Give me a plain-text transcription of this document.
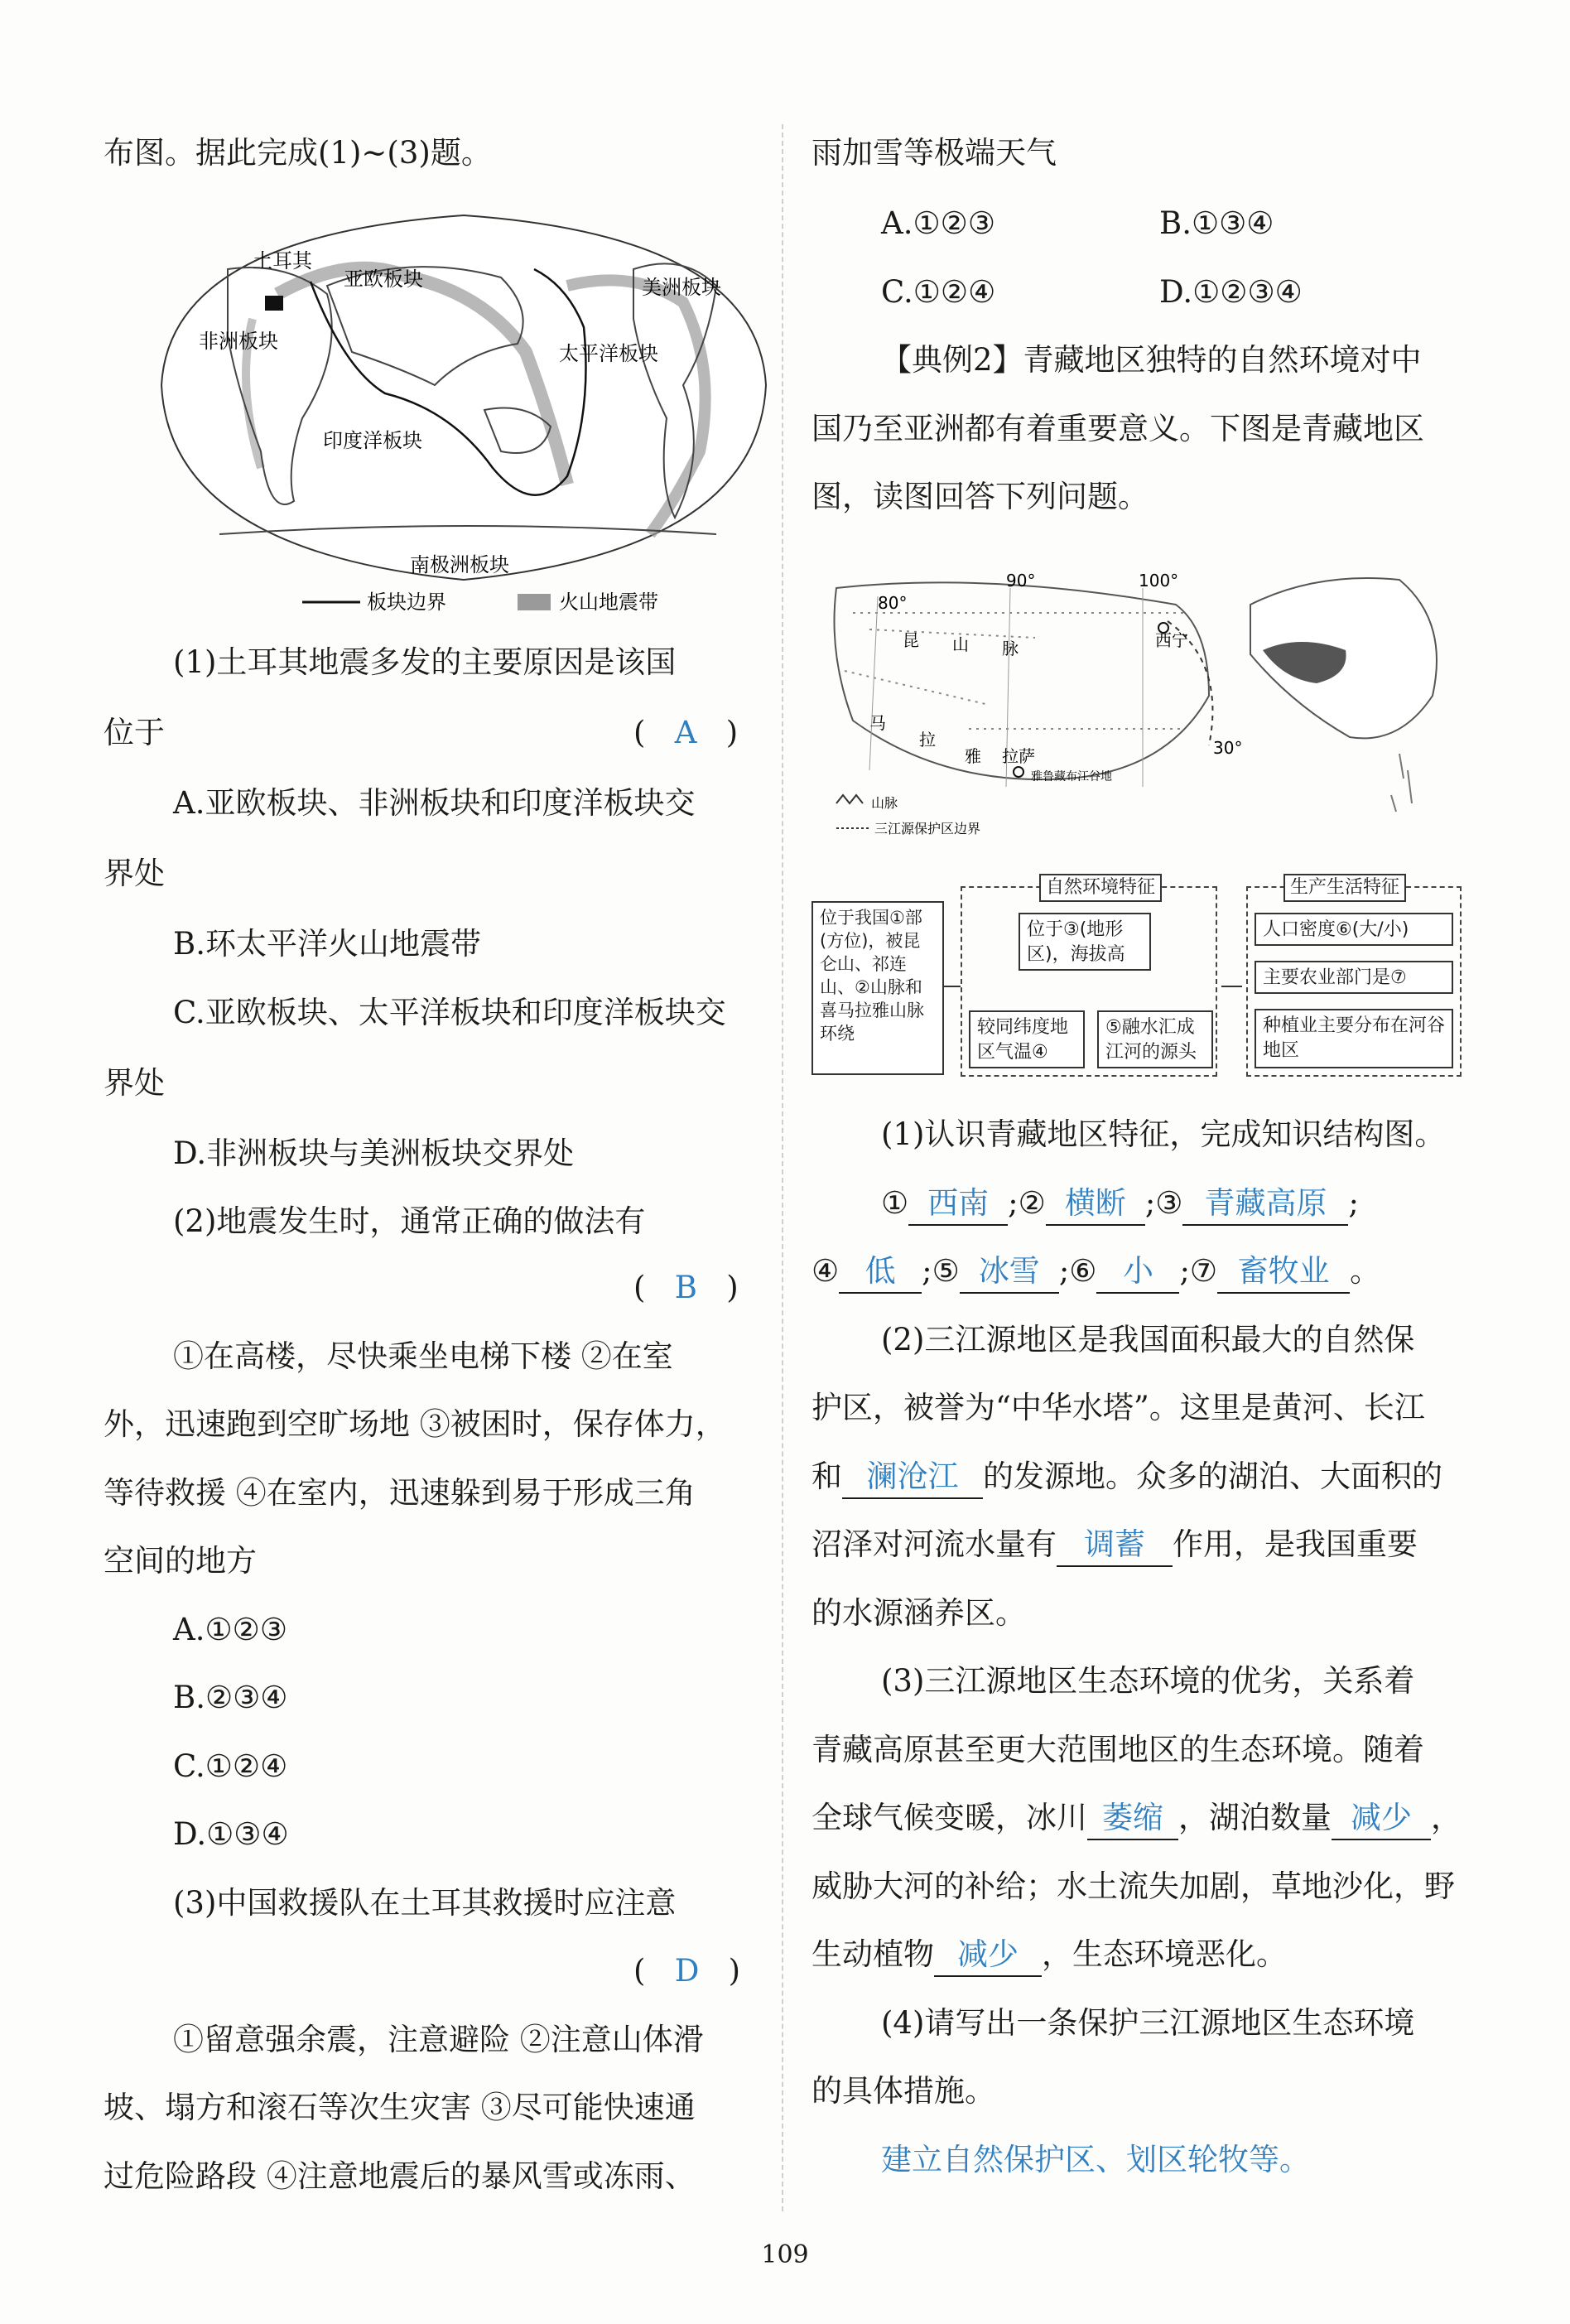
布图。据此完成(1)~(3)题。
土耳其
亚欧板块
太平洋板块
美洲板块
印度洋板块
南极洲板块
非洲板块
板块边界	火山地震带
(1)土耳其地震多发的主要原因是该国
位于	(   A   )
A.亚欧板块、非洲板块和印度洋板块交
界处
B.环太平洋火山地震带
C.亚欧板块、太平洋板块和印度洋板块交
界处
D.非洲板块与美洲板块交界处
(2)地震发生时，通常正确的做法有
(   B   )
①在高楼，尽快乘坐电梯下楼 ②在室
外，迅速跑到空旷场地 ③被困时，保存体力，
等待救援 ④在室内，迅速躲到易于形成三角
空间的地方
A.①②③
B.②③④
C.①②④
D.①③④
(3)中国救援队在土耳其救援时应注意
(   D   )
①留意强余震，注意避险 ②注意山体滑
坡、塌方和滚石等次生灾害 ③尽可能快速通
过危险路段 ④注意地震后的暴风雪或冻雨、
雨加雪等极端天气
A.①②③	B.①③④
C.①②④	D.①②③④
【典例2】青藏地区独特的自然环境对中
国乃至亚洲都有着重要意义。下图是青藏地区
图，读图回答下列问题。
80°
90°	100°
30°
西宁
拉萨
昆 山 脉
马
拉
雅
雅鲁藏布江谷地
山脉
三江源保护区边界
位于我国①部(方位)，被昆仑山、祁连山、②山脉和喜马拉雅山脉环绕
自然环境特征
位于③(地形区)，海拔高
较同纬度地区气温④
⑤融水汇成江河的源头
生产生活特征
人口密度⑥(大/小)
主要农业部门是⑦
种植业主要分布在河谷地区
(1)认识青藏地区特征，完成知识结构图。
① 西南 ;② 横断 ;③ 青藏高原 ;
④ 低 ;⑤ 冰雪 ;⑥ 小 ;⑦ 畜牧业 。
(2)三江源地区是我国面积最大的自然保
护区，被誉为“中华水塔”。这里是黄河、长江
和 澜沧江 的发源地。众多的湖泊、大面积的
沼泽对河流水量有 调蓄 作用，是我国重要
的水源涵养区。
(3)三江源地区生态环境的优劣，关系着
青藏高原甚至更大范围地区的生态环境。随着
全球气候变暖，冰川 萎缩 ，湖泊数量 减少 ，
威胁大河的补给；水土流失加剧，草地沙化，野
生动植物 减少 ，生态环境恶化。
(4)请写出一条保护三江源地区生态环境
的具体措施。
建立自然保护区、划区轮牧等。
109
